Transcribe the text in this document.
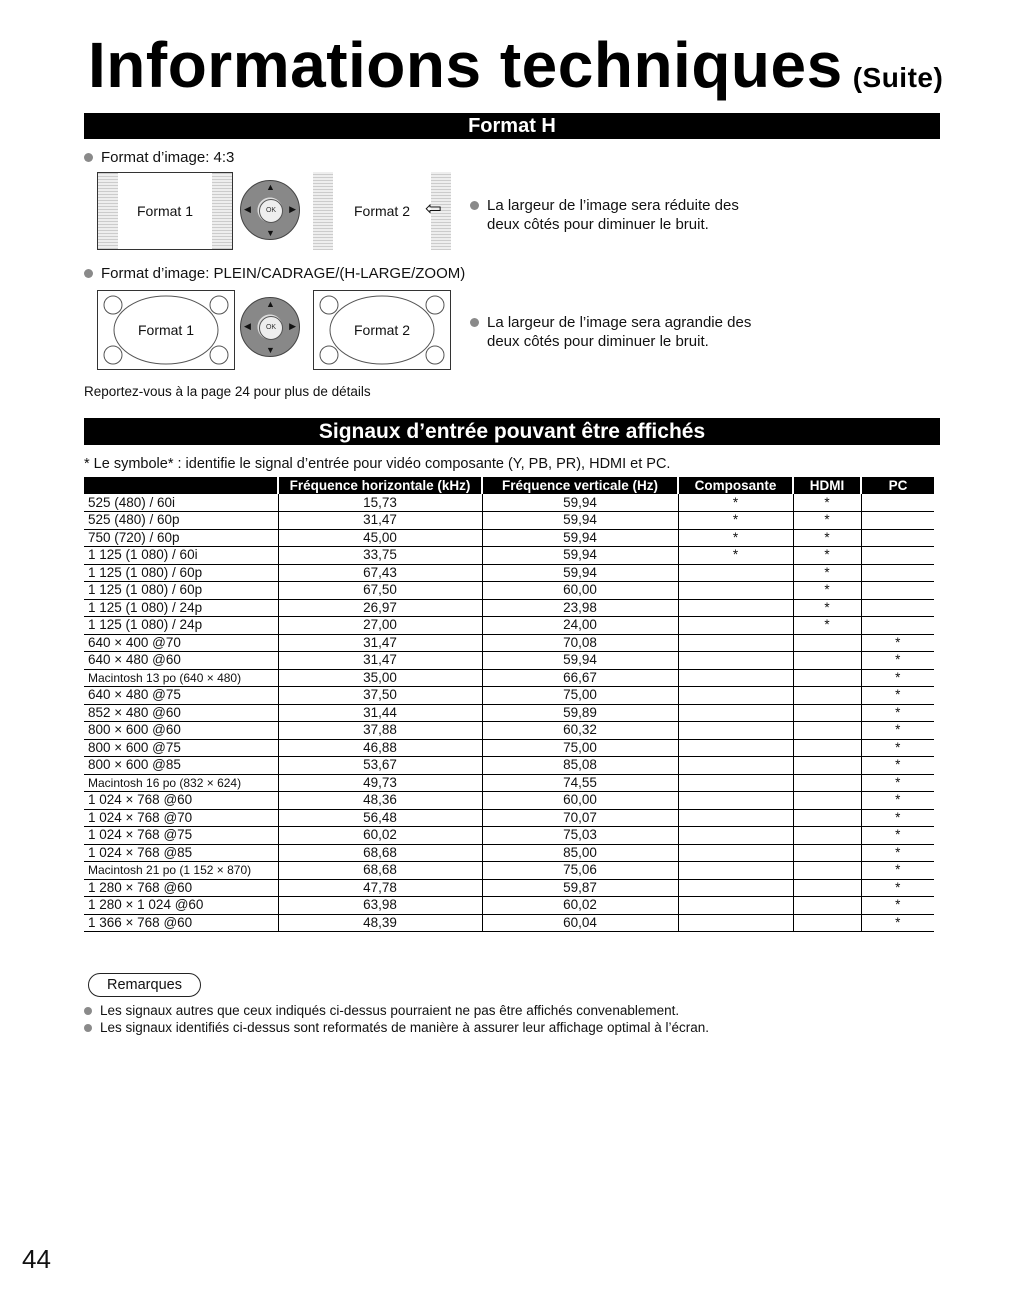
Informations techniques (Suite)
Format H
Format d’image: 4:3
Format 1
▲
▼
◀	▶
OK	Format 2 ⇦	La largeur de l’image sera réduite des
deux côtés pour diminuer le bruit.
Format d’image: PLEIN/CADRAGE/(H-LARGE/ZOOM)
Format 1
▲
▼
◀	▶
OK	Format 2	La largeur de l’image sera agrandie des
deux côtés pour diminuer le bruit.
Reportez-vous à la page 24 pour plus de détails
Signaux d’entrée pouvant être affichés
* Le symbole* : identifie le signal d’entrée pour vidéo composante (Y, PB, PR), HDMI et PC.
	Fréquence horizontale (kHz)	Fréquence verticale (Hz)	Composante	HDMI	PC
525 (480) / 60i	15,73	59,94	*	*	
525 (480) / 60p	31,47	59,94	*	*	
750 (720) / 60p	45,00	59,94	*	*	
1 125 (1 080) / 60i	33,75	59,94	*	*	
1 125 (1 080) / 60p	67,43	59,94		*	
1 125 (1 080) / 60p	67,50	60,00		*	
1 125 (1 080) / 24p	26,97	23,98		*	
1 125 (1 080) / 24p	27,00	24,00		*	
640 × 400 @70	31,47	70,08			*
640 × 480 @60	31,47	59,94			*
Macintosh 13 po (640 × 480)	35,00	66,67			*
640 × 480 @75	37,50	75,00			*
852 × 480 @60	31,44	59,89			*
800 × 600 @60	37,88	60,32			*
800 × 600 @75	46,88	75,00			*
800 × 600 @85	53,67	85,08			*
Macintosh 16 po (832 × 624)	49,73	74,55			*
1 024 × 768 @60	48,36	60,00			*
1 024 × 768 @70	56,48	70,07			*
1 024 × 768 @75	60,02	75,03			*
1 024 × 768 @85	68,68	85,00			*
Macintosh 21 po (1 152 × 870)	68,68	75,06			*
1 280 × 768 @60	47,78	59,87			*
1 280 × 1 024 @60	63,98	60,02			*
1 366 × 768 @60	48,39	60,04			*
Remarques
Les signaux autres que ceux indiqués ci-dessus pourraient ne pas être affichés convenablement.
Les signaux identifiés ci-dessus sont reformatés de manière à assurer leur affichage optimal à l’écran.
44
